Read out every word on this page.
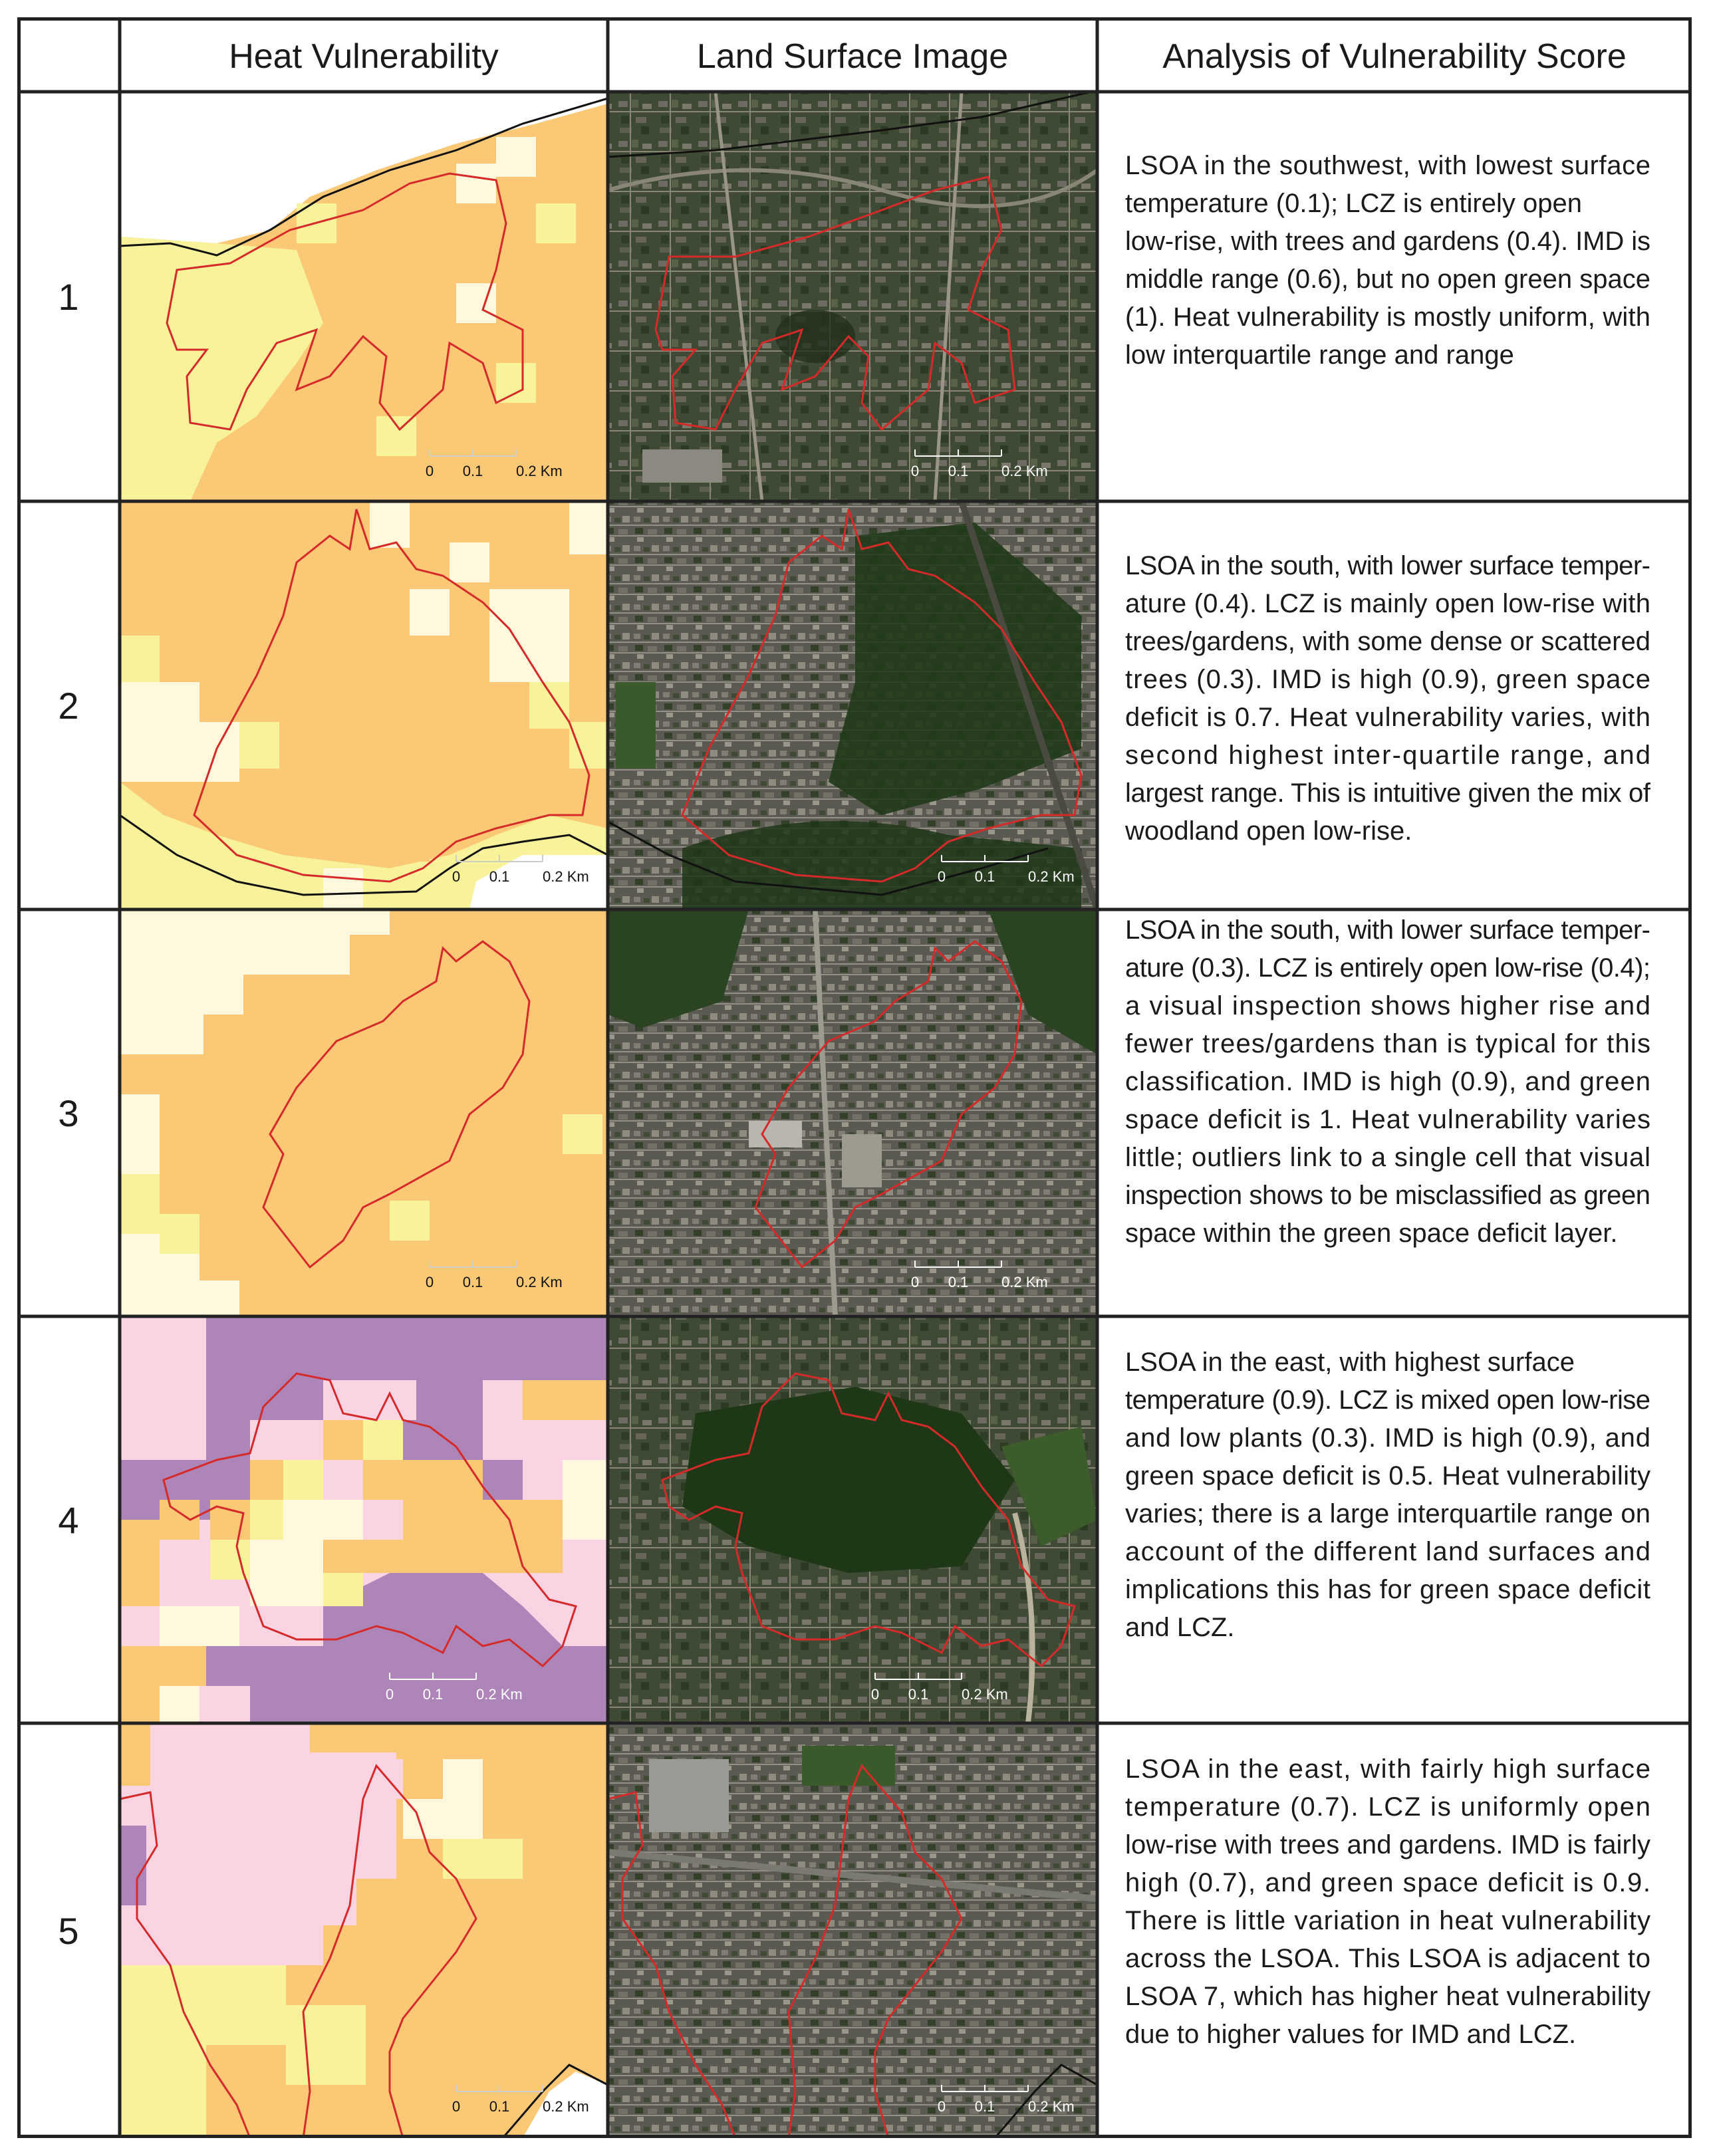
0 0.1 0.2 Km
0 0.1 0.2 Km
0 0.1 0.2 Km
0 0.1 0.2 Km
0 0.1 0.2 Km
0 0.1 0.2 Km
0 0.1 0.2 Km
0 0.1 0.2 Km
0 0.1 0.2 Km
0 0.1 0.2 Km
Heat Vulnerability	Land Surface Image	Analysis of Vulnerability Score
1
2
3
4
5
LSOA in the southwest, with lowest surface
temperature (0.1); LCZ is entirely open
low-rise, with trees and gardens (0.4). IMD is
middle range (0.6), but no open green space
(1). Heat vulnerability is mostly uniform, with
low interquartile range and range
LSOA in the south, with lower surface temper-
ature (0.4). LCZ is mainly open low-rise with
trees/gardens, with some dense or scattered
trees (0.3). IMD is high (0.9), green space
deficit is 0.7. Heat vulnerability varies, with
second highest inter-quartile range, and
largest range. This is intuitive given the mix of
woodland open low-rise.
LSOA in the south, with lower surface temper-
ature (0.3). LCZ is entirely open low-rise (0.4);
a visual inspection shows higher rise and
fewer trees/gardens than is typical for this
classification. IMD is high (0.9), and green
space deficit is 1. Heat vulnerability varies
little; outliers link to a single cell that visual
inspection shows to be misclassified as green
space within the green space deficit layer.
LSOA in the east, with highest surface
temperature (0.9). LCZ is mixed open low-rise
and low plants (0.3). IMD is high (0.9), and
green space deficit is 0.5. Heat vulnerability
varies; there is a large interquartile range on
account of the different land surfaces and
implications this has for green space deficit
and LCZ.
LSOA in the east, with fairly high surface
temperature (0.7). LCZ is uniformly open
low-rise with trees and gardens. IMD is fairly
high (0.7), and green space deficit is 0.9.
There is little variation in heat vulnerability
across the LSOA. This LSOA is adjacent to
LSOA 7, which has higher heat vulnerability
due to higher values for IMD and LCZ.
